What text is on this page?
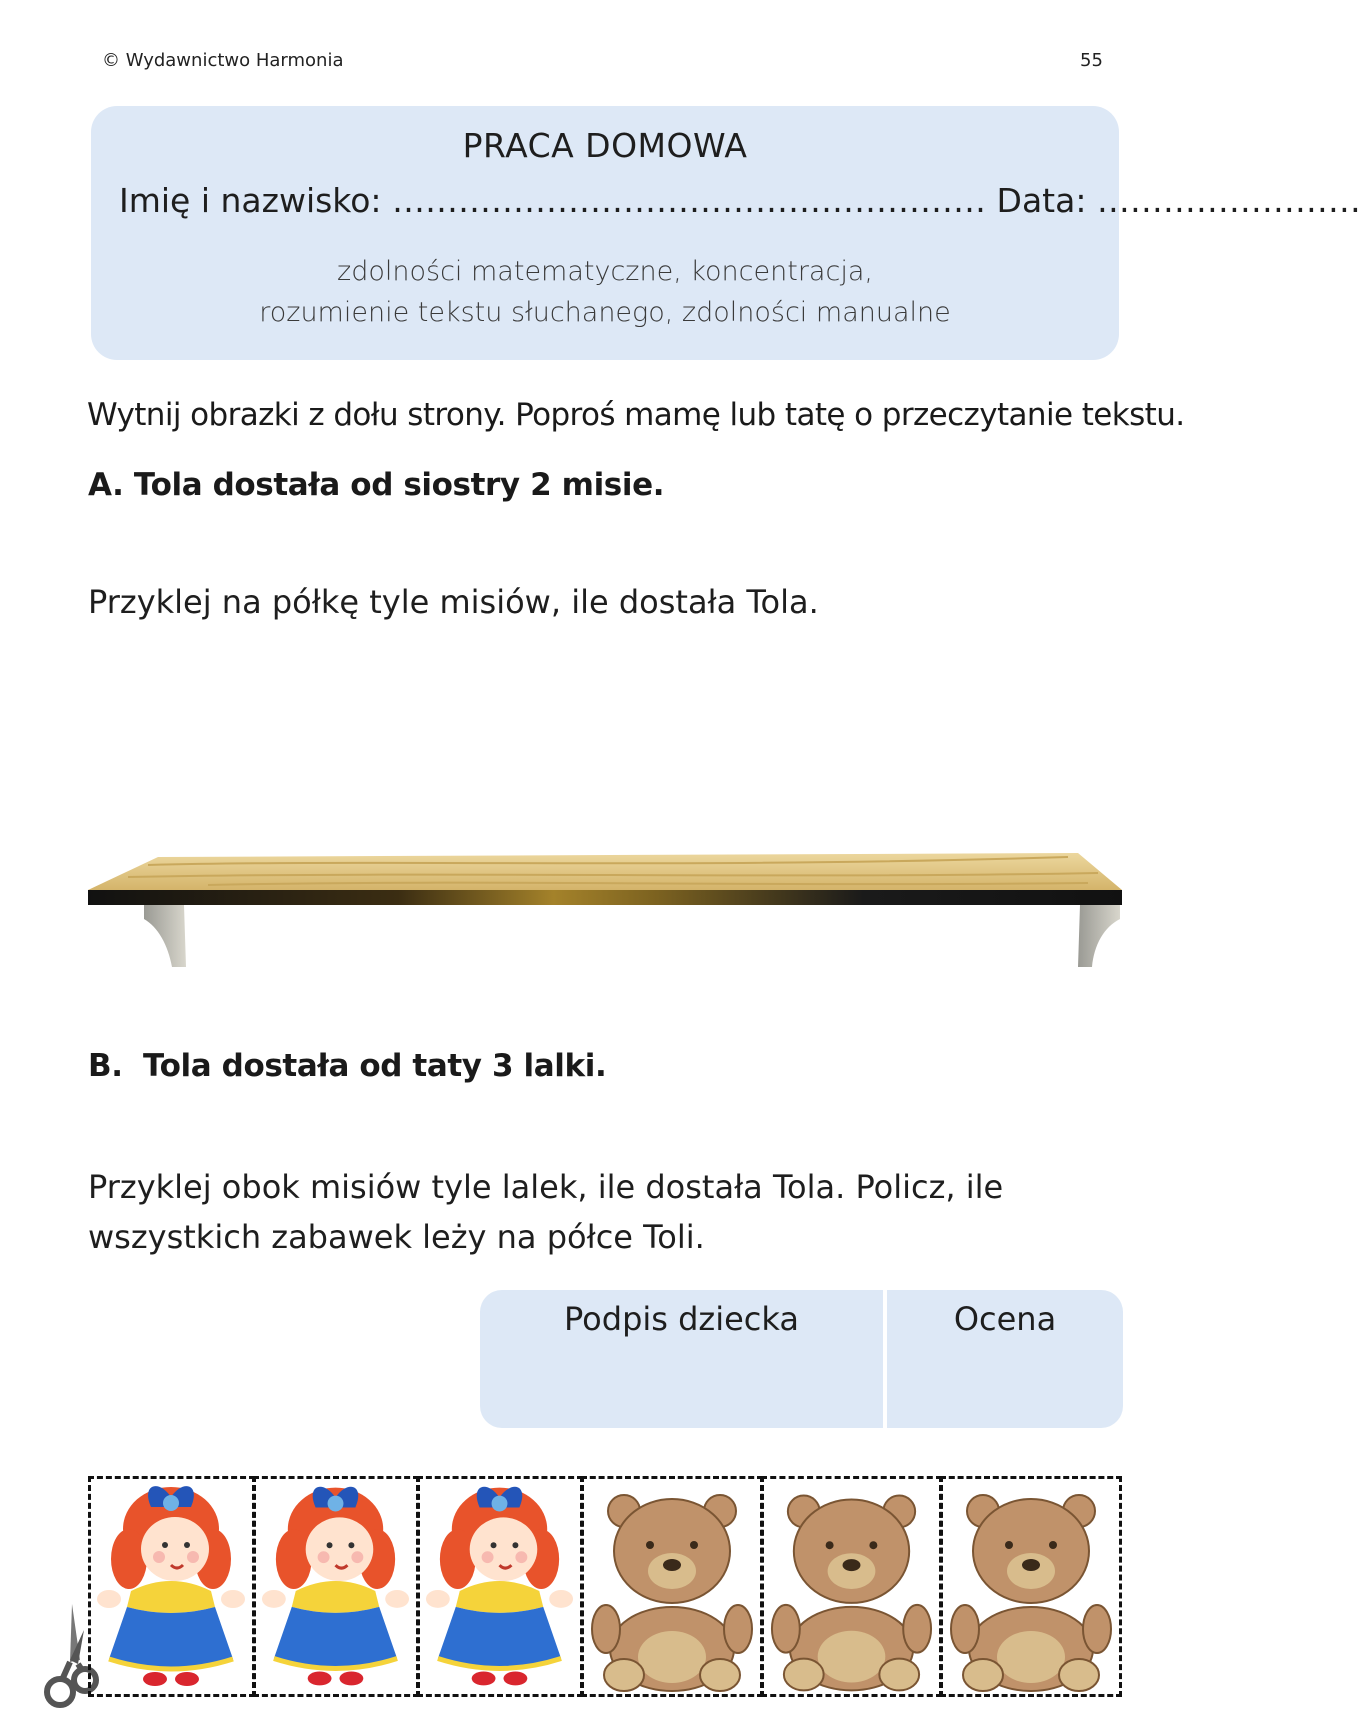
© Wydawnictwo Harmonia	55
PRACA DOMOWA
Imię i nazwisko: ……………………………………………… Data: ……………………
zdolności matematyczne, koncentracja,
rozumienie tekstu słuchanego, zdolności manualne
Wytnij obrazki z dołu strony. Poproś mamę lub tatę o przeczytanie tekstu.
A. Tola dostała od siostry 2 misie.
Przyklej na półkę tyle misiów, ile dostała Tola.
B. Tola dostała od taty 3 lalki.
Przyklej obok misiów tyle lalek, ile dostała Tola. Policz, ile wszystkich zabawek leży na półce Toli.
Podpis dziecka	Ocena
